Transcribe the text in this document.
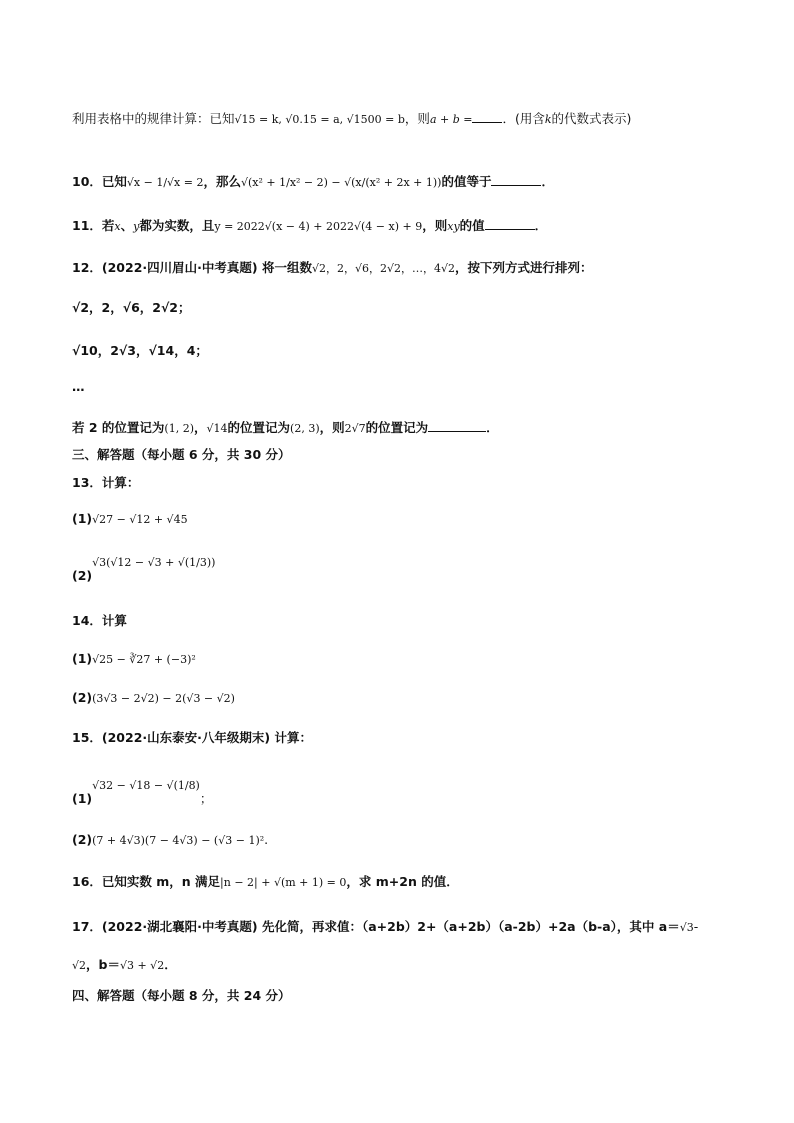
利用表格中的规律计算：已知√15 = k, √0.15 = a, √1500 = b，则a + b = ．(用含k的代数式表示)
10．已知√x − 1/√x = 2，那么√(x² + 1/x² − 2) − √(x/(x² + 2x + 1))的值等于	．
11．若x、y都为实数，且y = 2022√(x − 4) + 2022√(4 − x) + 9，则xy的值	．
12．(2022·四川眉山·中考真题) 将一组数√2，2，√6，2√2，…，4√2，按下列方式进行排列：
√2，2，√6，2√2；
√10，2√3，√14，4；
…
若 2 的位置记为(1, 2)，√14的位置记为(2, 3)，则2√7的位置记为	．
三、解答题（每小题 6 分，共 30 分）
13．计算：
(1)√27 − √12 + √45
(2)√3(√12 − √3 + √(1/3))
14．计算
(1)√25 − ∛27 + (−3)²
(2)(3√3 − 2√2) − 2(√3 − √2)
15．(2022·山东泰安·八年级期末) 计算：
(1)√32 − √18 − √(1/8)；
(2)(7 + 4√3)(7 − 4√3) − (√3 − 1)².
16．已知实数 m，n 满足|n − 2| + √(m + 1) = 0，求 m+2n 的值．
17．(2022·湖北襄阳·中考真题) 先化简，再求值：（a+2b）2+（a+2b）（a-2b）+2a（b-a），其中 a＝√3-
√2，b＝√3 + √2．
四、解答题（每小题 8 分，共 24 分）
